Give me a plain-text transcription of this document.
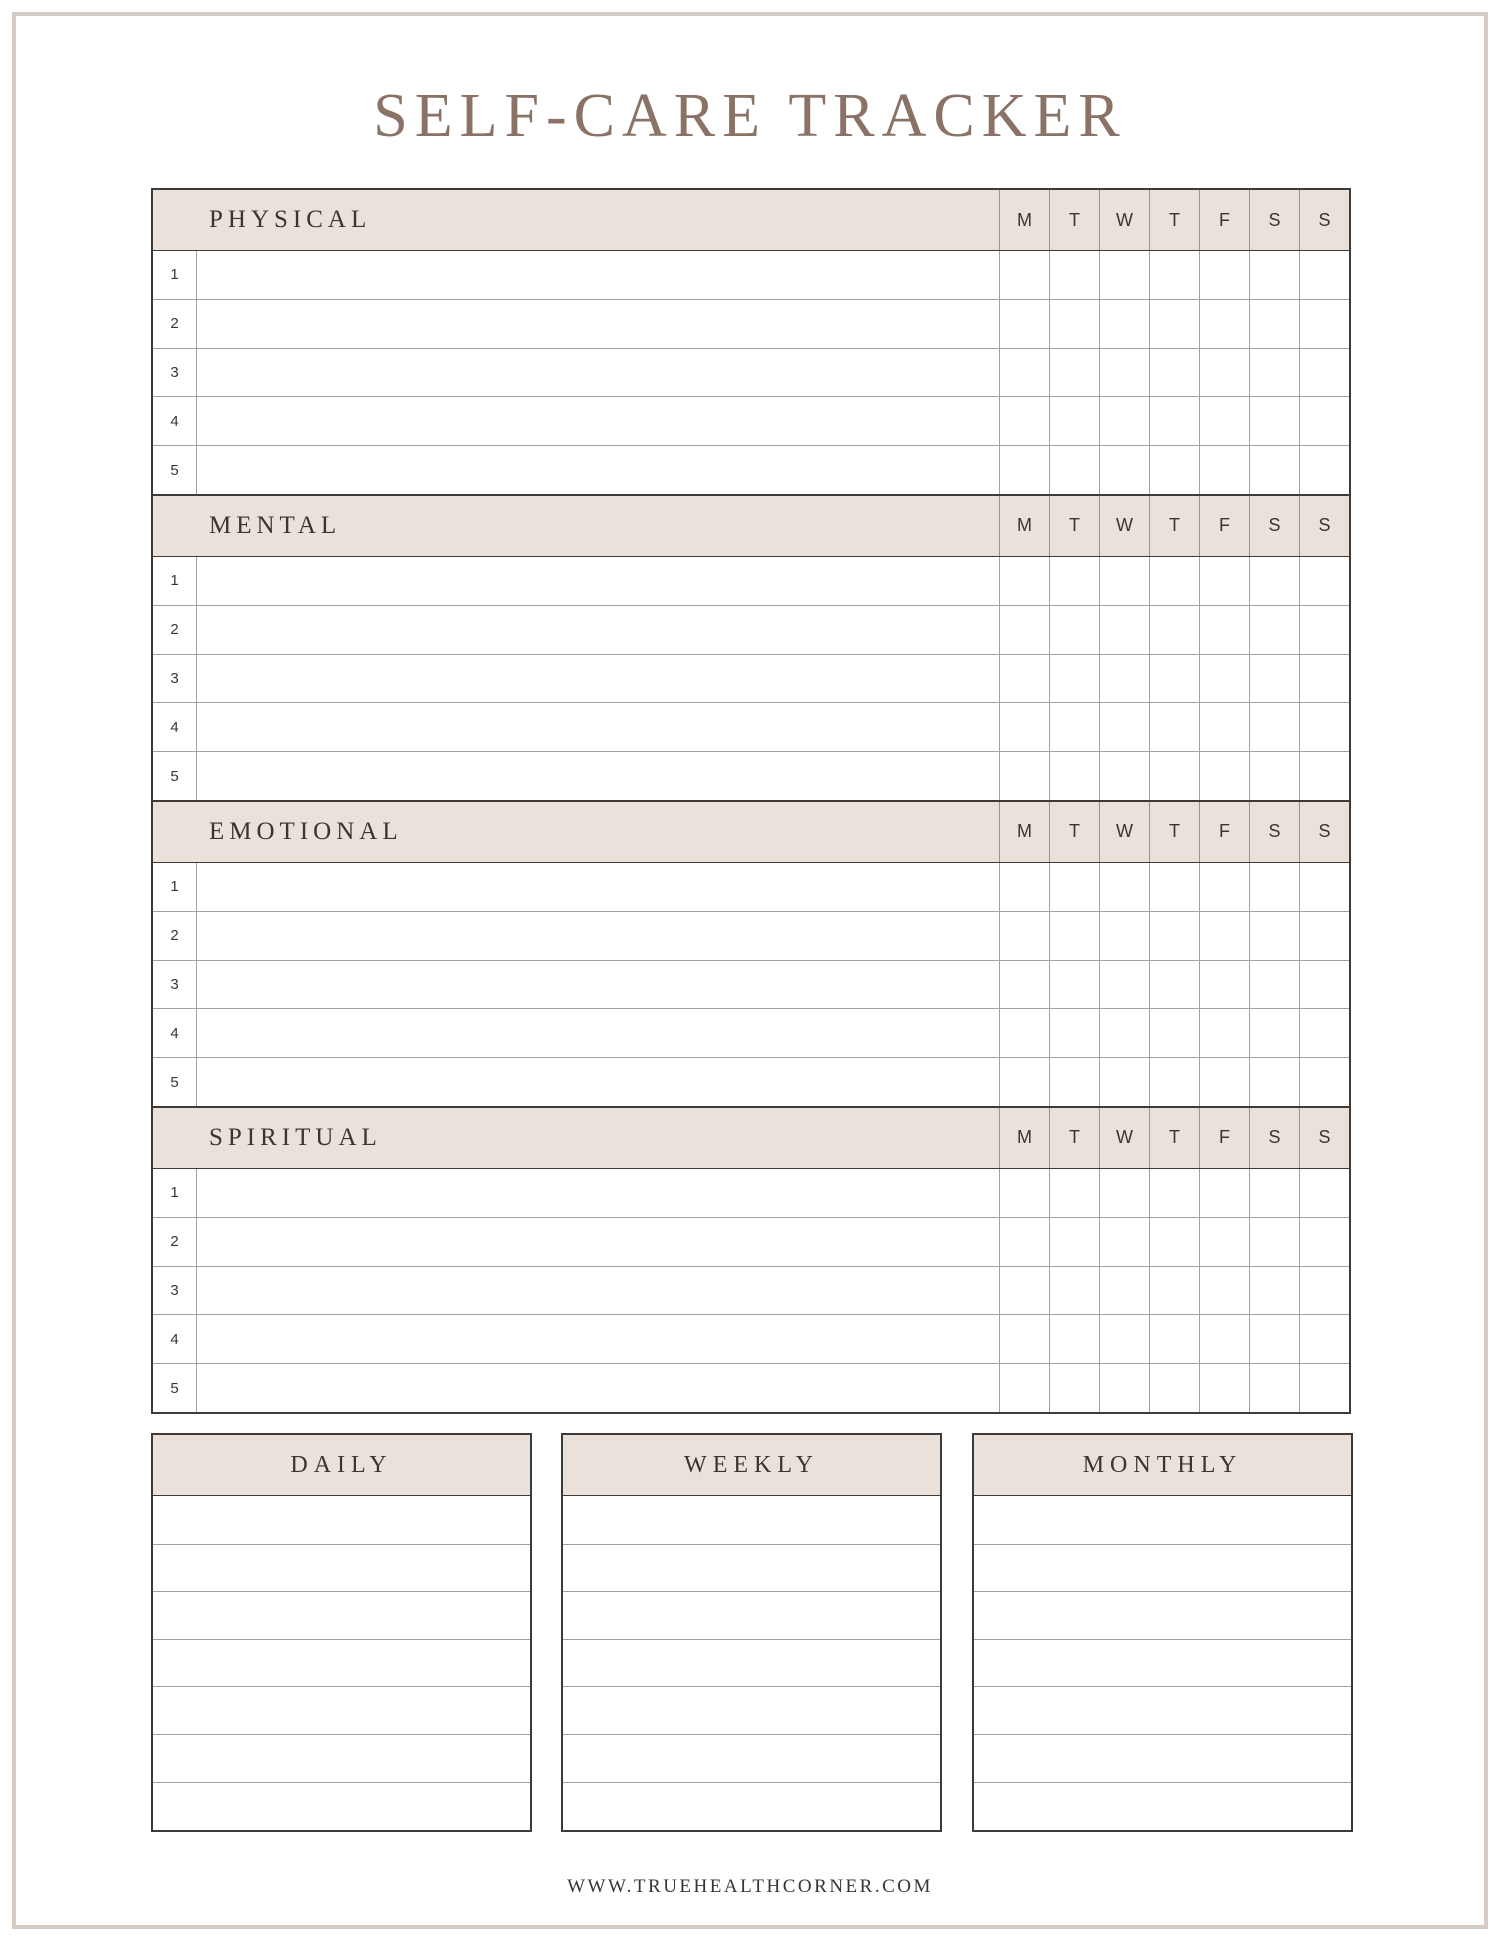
SELF-CARE TRACKER
PHYSICAL	M	T	W	T	F	S	S
1
2
3
4
5
MENTAL	M	T	W	T	F	S	S
1
2
3
4
5
EMOTIONAL	M	T	W	T	F	S	S
1
2
3
4
5
SPIRITUAL	M	T	W	T	F	S	S
1
2
3
4
5
DAILY	WEEKLY	MONTHLY
WWW.TRUEHEALTHCORNER.COM
